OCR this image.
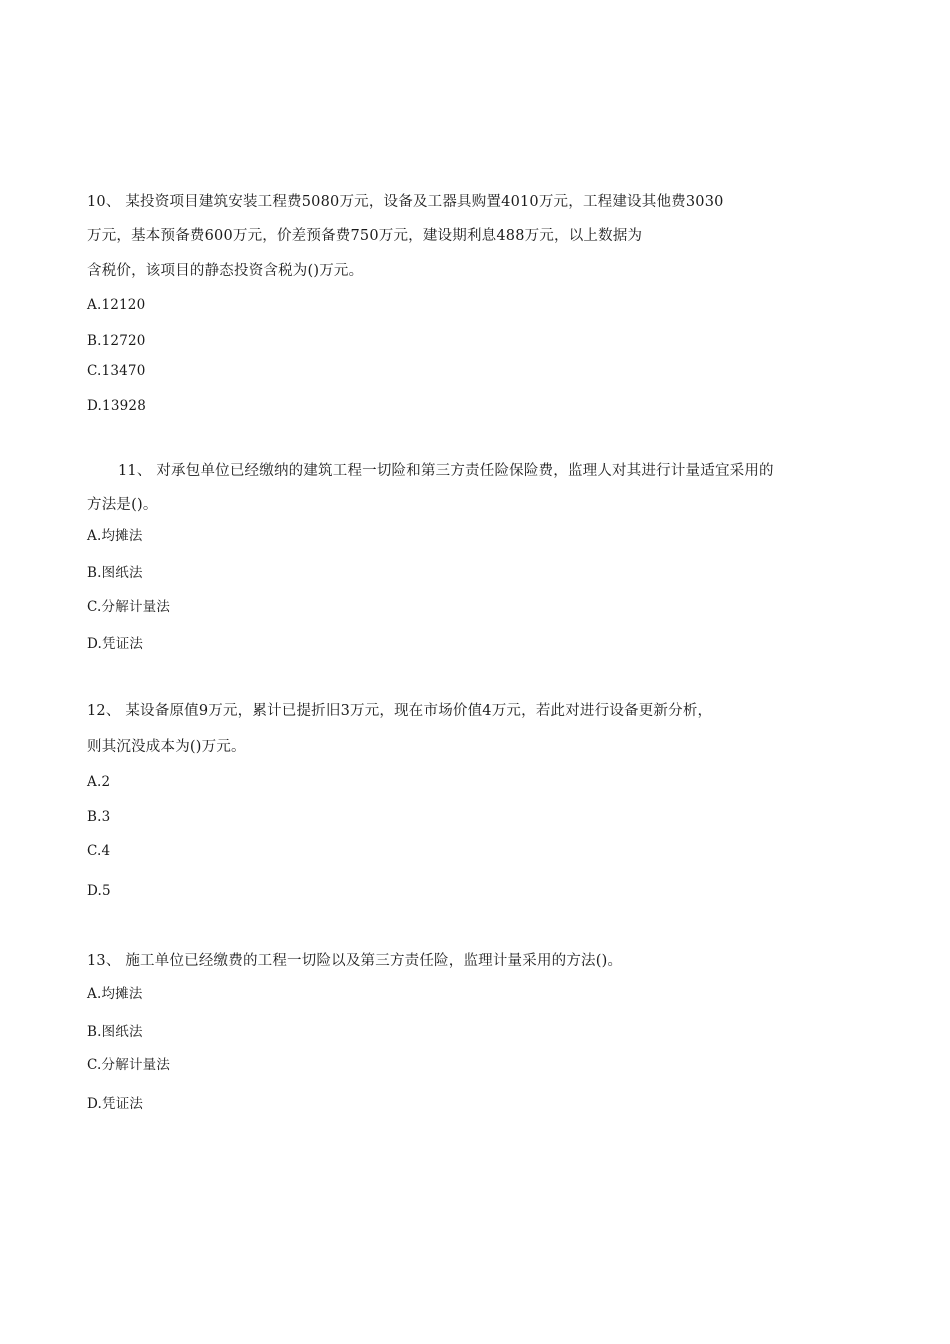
10、 某投资项目建筑安装工程费5080万元，设备及工器具购置4010万元，工程建设其他费3030
万元，基本预备费600万元，价差预备费750万元，建设期利息488万元，以上数据为
含税价，该项目的静态投资含税为()万元。
A.12120
B.12720
C.13470
D.13928
11、 对承包单位已经缴纳的建筑工程一切险和第三方责任险保险费，监理人对其进行计量适宜采用的
方法是()。
A.均摊法
B.图纸法
C.分解计量法
D.凭证法
12、 某设备原值9万元，累计已提折旧3万元，现在市场价值4万元，若此对进行设备更新分析，
则其沉没成本为()万元。
A.2
B.3
C.4
D.5
13、 施工单位已经缴费的工程一切险以及第三方责任险，监理计量采用的方法()。
A.均摊法
B.图纸法
C.分解计量法
D.凭证法
